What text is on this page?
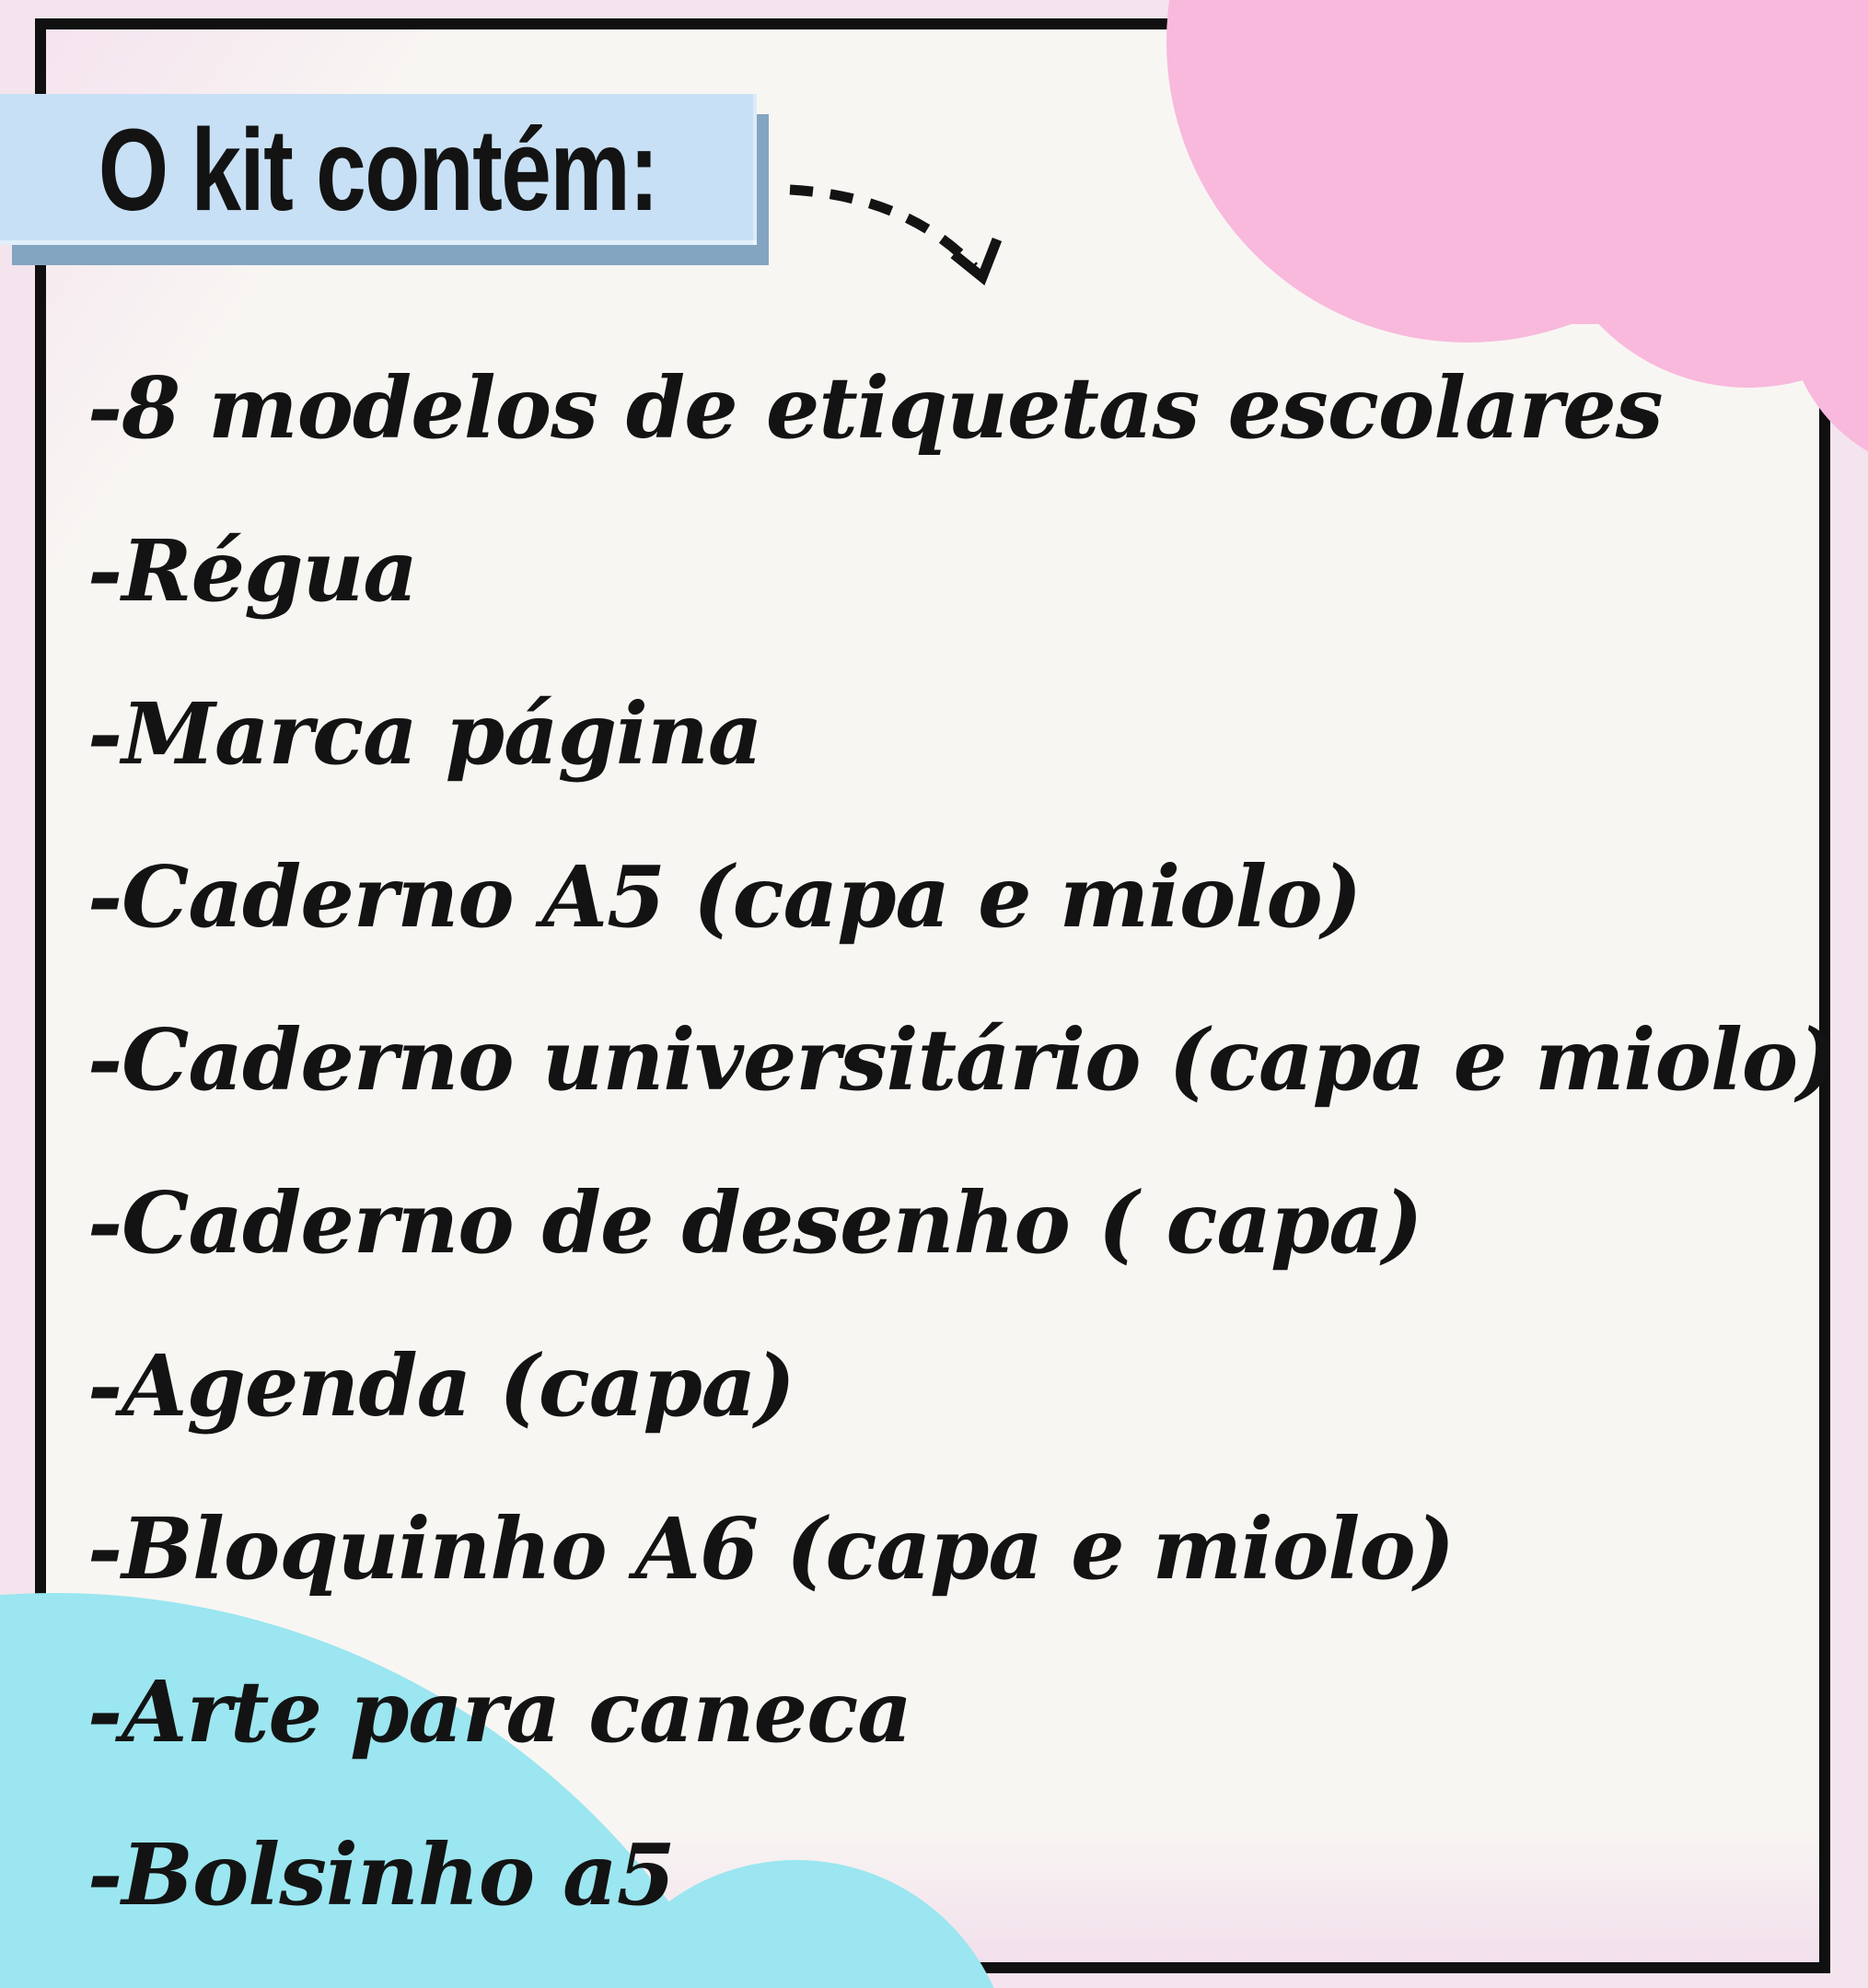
O kit contém:
-8 modelos de etiquetas escolares
-Régua
-Marca página
-Caderno A5 (capa e miolo)
-Caderno universitário (capa e miolo)
-Caderno de desenho ( capa)
-Agenda (capa)
-Bloquinho A6 (capa e miolo)
-Arte para caneca
-Bolsinho a5
